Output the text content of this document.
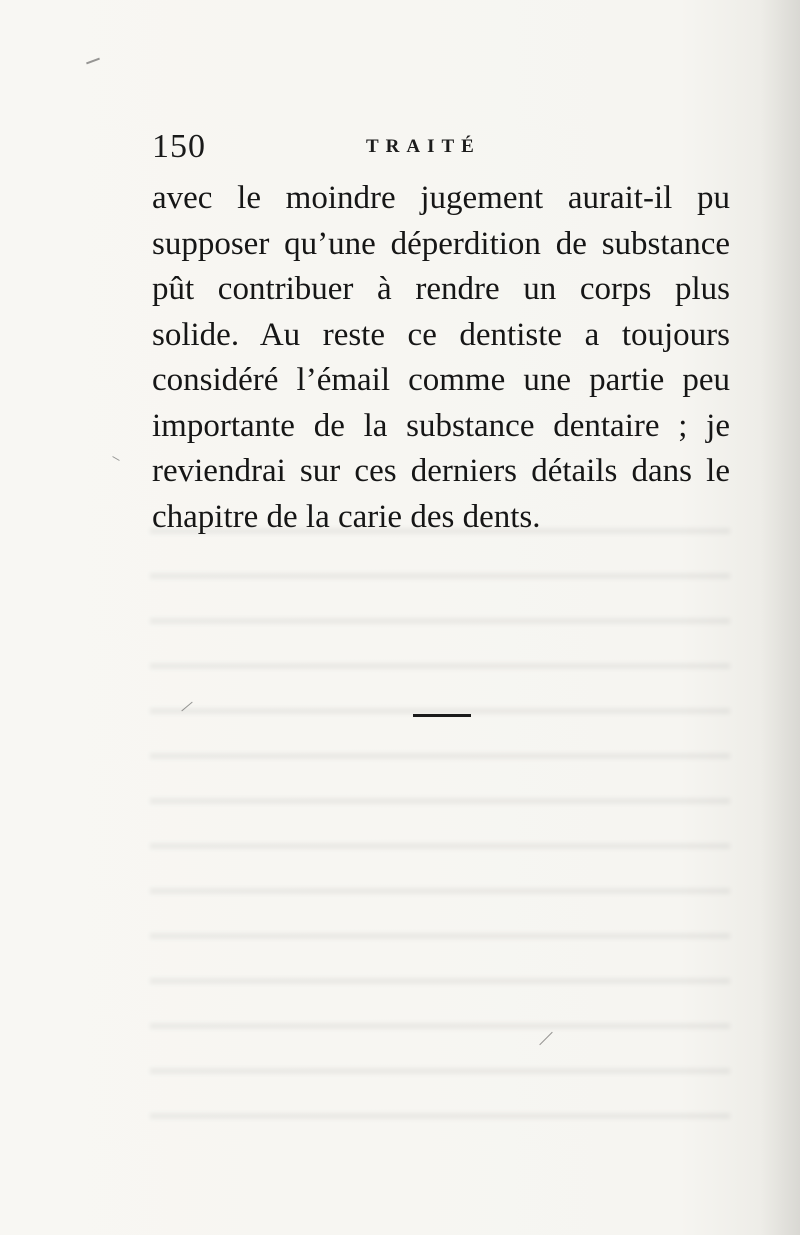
150	TRAITÉ
avec le moindre jugement aurait-il pu
supposer qu’une déperdition de substance
pût contribuer à rendre un corps plus
solide. Au reste ce dentiste a toujours
considéré l’émail comme une partie peu
importante de la substance dentaire ; je
reviendrai sur ces derniers détails dans le
chapitre de la carie des dents.
